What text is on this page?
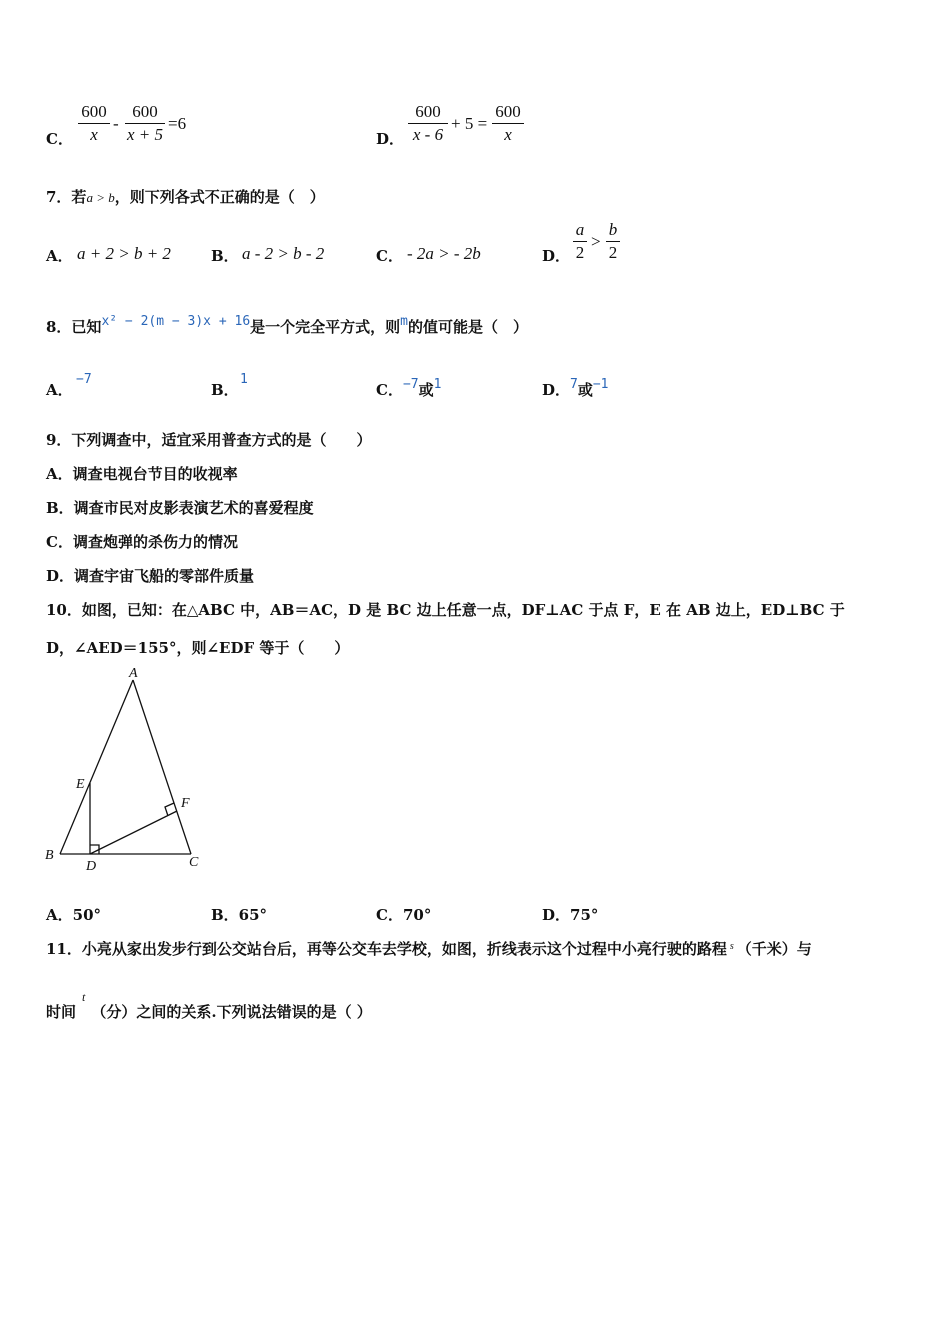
C．
600
x
-
600
x + 5
=6
D．
600
x - 6
+ 5 =
600
x
7．若a > b，则下列各式不正确的是（　）
A． a + 2 > b + 2	B． a - 2 > b - 2	C． - 2a > - 2b	D．
a
2
>
b
2
8．已知x² − 2(m − 3)x + 16是一个完全平方式，则m的值可能是（　）
A．
−7
B．
1
C．−7或1	D．7或−1
9．下列调查中，适宜采用普查方式的是（　　）
A．调查电视台节目的收视率
B．调查市民对皮影表演艺术的喜爱程度
C．调查炮弹的杀伤力的情况
D．调查宇宙飞船的零部件质量
10．如图，已知：在△ABC 中，AB＝AC，D 是 BC 边上任意一点，DF⊥AC 于点 F，E 在 AB 边上，ED⊥BC 于
D，∠AED＝155°，则∠EDF 等于（　　）
A
B	C
D
E
F
A．50°	B．65°	C．70°	D．75°
11．小亮从家出发步行到公交站台后，再等公交车去学校，如图，折线表示这个过程中小亮行驶的路程 $^s$ （千米）与
时间$^t$（分）之间的关系.下列说法错误的是（ ）
